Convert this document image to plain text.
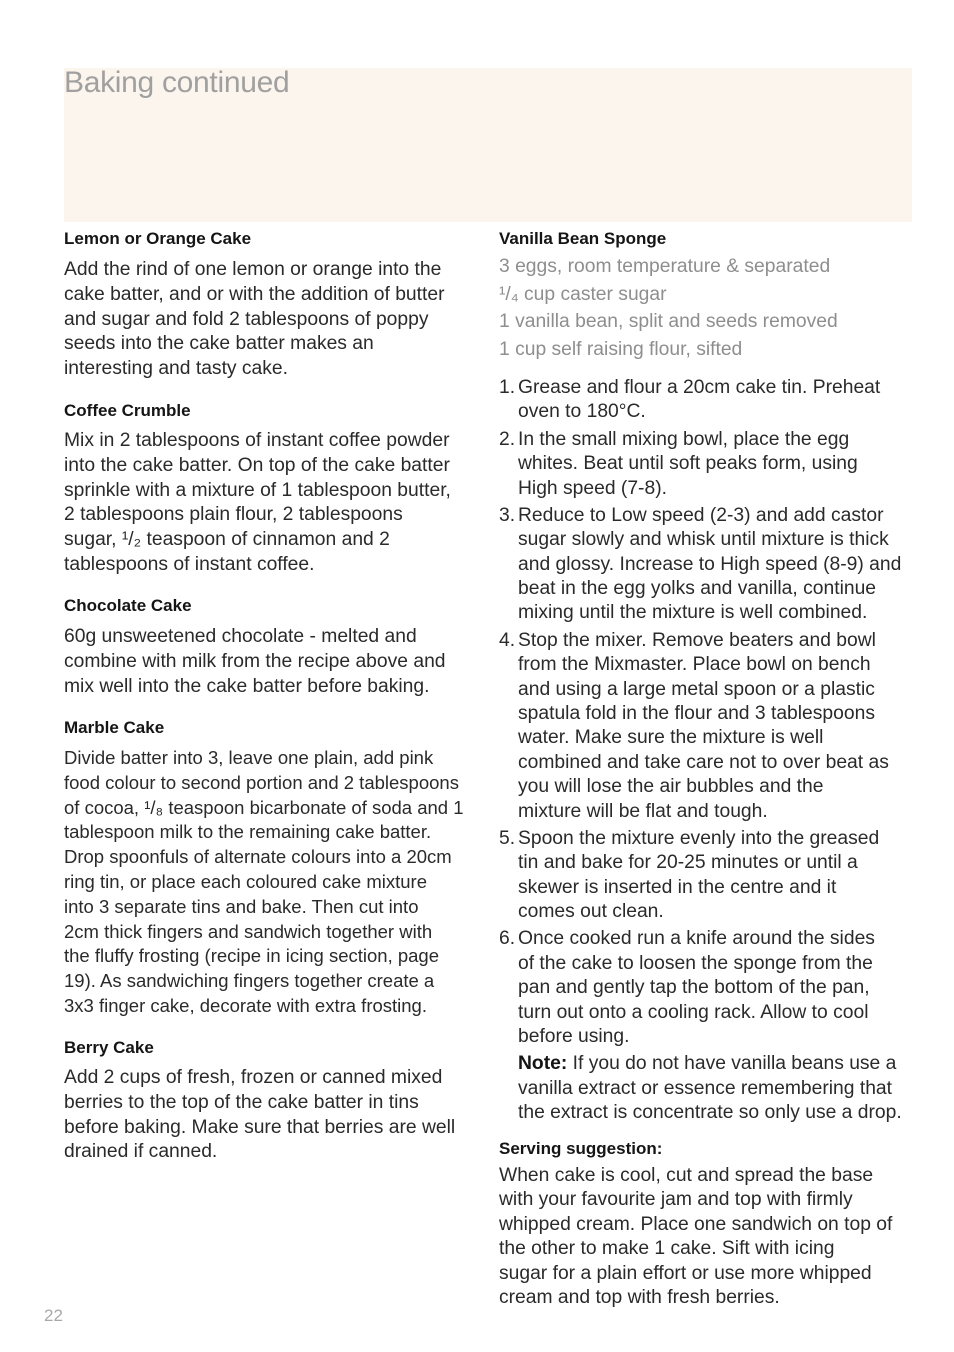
Baking continued
Lemon or Orange Cake
Add the rind of one lemon or orange into the
cake batter, and or with the addition of butter
and sugar and fold 2 tablespoons of poppy
seeds into the cake batter makes an
interesting and tasty cake.
Coffee Crumble
Mix in 2 tablespoons of instant coffee powder
into the cake batter. On top of the cake batter
sprinkle with a mixture of 1 tablespoon butter,
2 tablespoons plain flour, 2 tablespoons
sugar, ¹/₂ teaspoon of cinnamon and 2
tablespoons of instant coffee.
Chocolate Cake
60g unsweetened chocolate - melted and
combine with milk from the recipe above and
mix well into the cake batter before baking.
Marble Cake
Divide batter into 3, leave one plain, add pink
food colour to second portion and 2 tablespoons
of cocoa, ¹/₈ teaspoon bicarbonate of soda and 1
tablespoon milk to the remaining cake batter.
Drop spoonfuls of alternate colours into a 20cm
ring tin, or place each coloured cake mixture
into 3 separate tins and bake. Then cut into
2cm thick fingers and sandwich together with
the fluffy frosting (recipe in icing section, page
19). As sandwiching fingers together create a
3x3 finger cake, decorate with extra frosting.
Berry Cake
Add 2 cups of fresh, frozen or canned mixed
berries to the top of the cake batter in tins
before baking. Make sure that berries are well
drained if canned.
Vanilla Bean Sponge
3 eggs, room temperature & separated
¹/₄ cup caster sugar
1 vanilla bean, split and seeds removed
1 cup self raising flour, sifted
1. Grease and flour a 20cm cake tin. Preheat
oven to 180°C.
2. In the small mixing bowl, place the egg
whites. Beat until soft peaks form, using
High speed (7-8).
3. Reduce to Low speed (2-3) and add castor
sugar slowly and whisk until mixture is thick
and glossy. Increase to High speed (8-9) and
beat in the egg yolks and vanilla, continue
mixing until the mixture is well combined.
4. Stop the mixer. Remove beaters and bowl
from the Mixmaster. Place bowl on bench
and using a large metal spoon or a plastic
spatula fold in the flour and 3 tablespoons
water. Make sure the mixture is well
combined and take care not to over beat as
you will lose the air bubbles and the
mixture will be flat and tough.
5. Spoon the mixture evenly into the greased
tin and bake for 20-25 minutes or until a
skewer is inserted in the centre and it
comes out clean.
6. Once cooked run a knife around the sides
of the cake to loosen the sponge from the
pan and gently tap the bottom of the pan,
turn out onto a cooling rack. Allow to cool
before using.
Note: If you do not have vanilla beans use a
vanilla extract or essence remembering that
the extract is concentrate so only use a drop.
Serving suggestion:
When cake is cool, cut and spread the base
with your favourite jam and top with firmly
whipped cream. Place one sandwich on top of
the other to make 1 cake. Sift with icing
sugar for a plain effort or use more whipped
cream and top with fresh berries.
22
